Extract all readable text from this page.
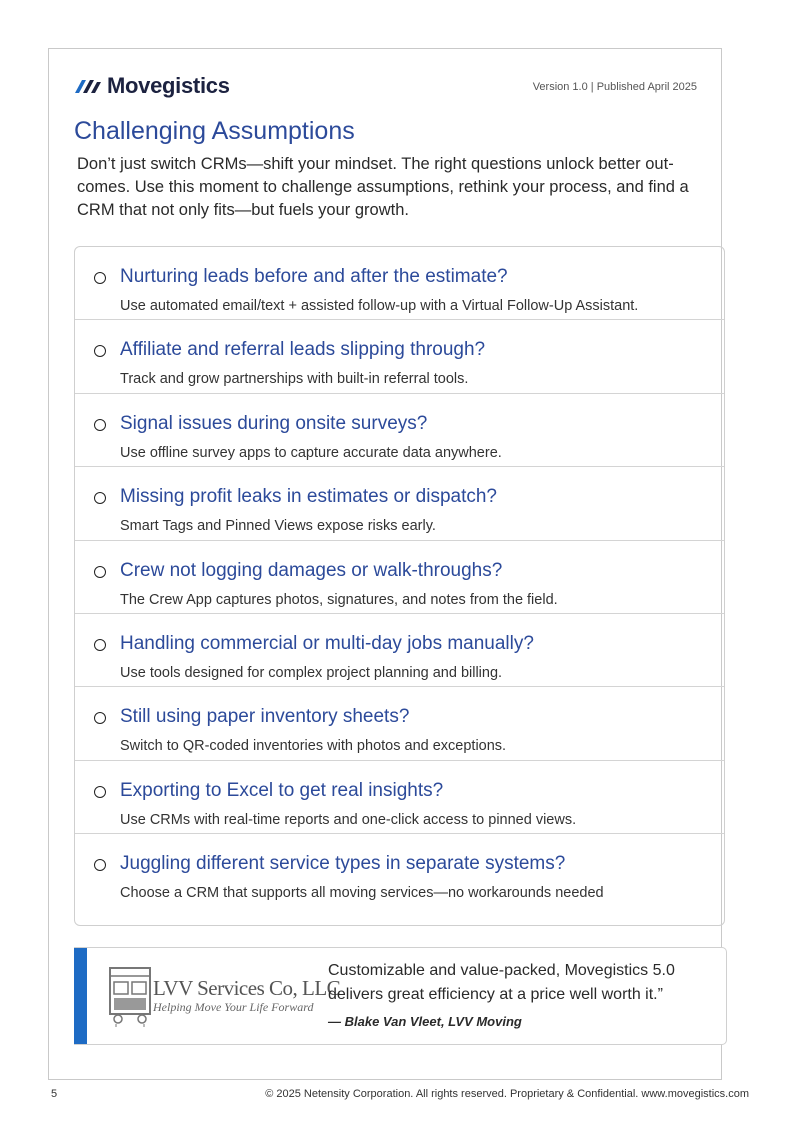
Movegistics	Version 1.0 | Published April 2025
Challenging Assumptions

Don’t just switch CRMs—shift your mindset. The right questions unlock better out-comes. Use this moment to challenge assumptions, rethink your process, and find a CRM that not only fits—but fuels your growth.

Nurturing leads before and after the estimate?
Use automated email/text + assisted follow-up with a Virtual Follow-Up Assistant.
Affiliate and referral leads slipping through?
Track and grow partnerships with built-in referral tools.
Signal issues during onsite surveys?
Use offline survey apps to capture accurate data anywhere.
Missing profit leaks in estimates or dispatch?
Smart Tags and Pinned Views expose risks early.
Crew not logging damages or walk-throughs?
The Crew App captures photos, signatures, and notes from the field.
Handling commercial or multi-day jobs manually?
Use tools designed for complex project planning and billing.
Still using paper inventory sheets?
Switch to QR-coded inventories with photos and exceptions.
Exporting to Excel to get real insights?
Use CRMs with real-time reports and one-click access to pinned views.
Juggling different service types in separate systems?
Choose a CRM that supports all moving services—no workarounds needed
LVV Services Co, LLC
Helping Move Your Life Forward

Customizable and value-packed, Movegistics 5.0 delivers great efficiency at a price well worth it.”

— Blake Van Vleet, LVV Moving
5	© 2025 Netensity Corporation. All rights reserved. Proprietary & Confidential. www.movegistics.com
